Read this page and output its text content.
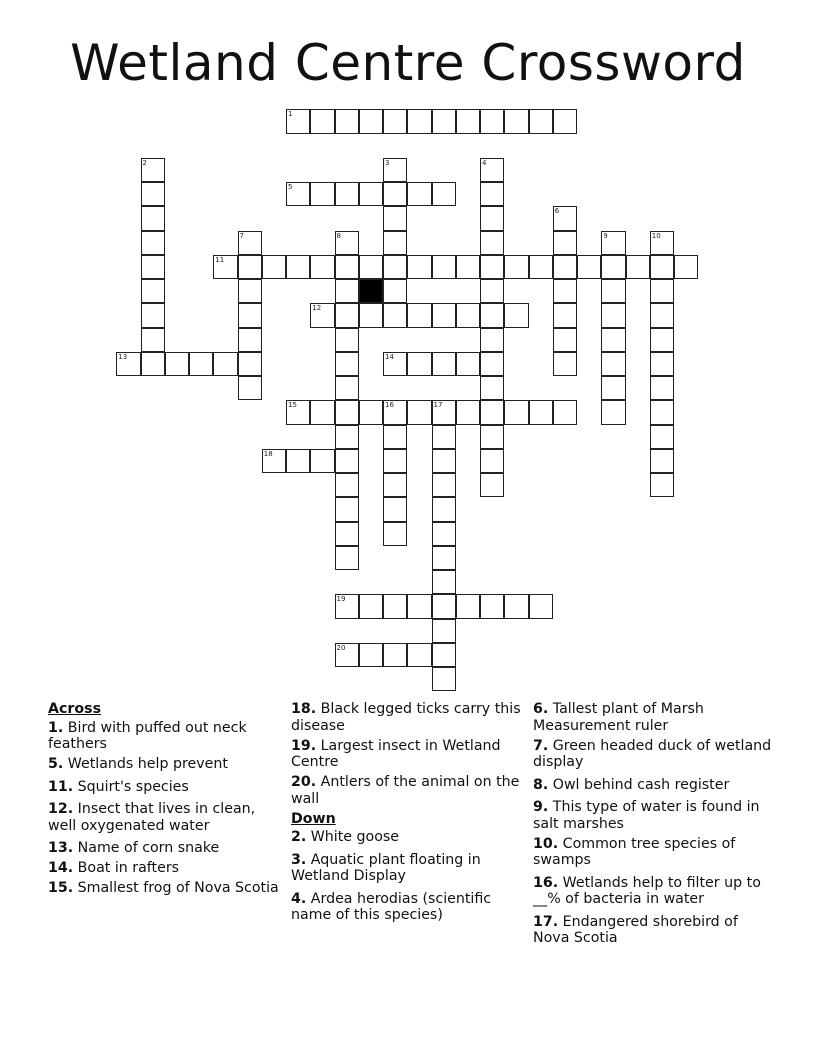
Wetland Centre Crossword
1
5
11
12
13	14
15	16	17
18
19
20
2	3	4
6
7	8	9	10
Across
1. Bird with puffed out neck feathers
5. Wetlands help prevent
11. Squirt's species
12. Insect that lives in clean, well oxygenated water
13. Name of corn snake
14. Boat in rafters
15. Smallest frog of Nova Scotia
18. Black legged ticks carry this disease
19. Largest insect in Wetland Centre
20. Antlers of the animal on the wall
Down
2. White goose
3. Aquatic plant floating in Wetland Display
4. Ardea herodias (scientific name of this species)
6. Tallest plant of Marsh Measurement ruler
7. Green headed duck of wetland display
8. Owl behind cash register
9. This type of water is found in salt marshes
10. Common tree species of swamps
16. Wetlands help to filter up to __% of bacteria in water
17. Endangered shorebird of Nova Scotia
